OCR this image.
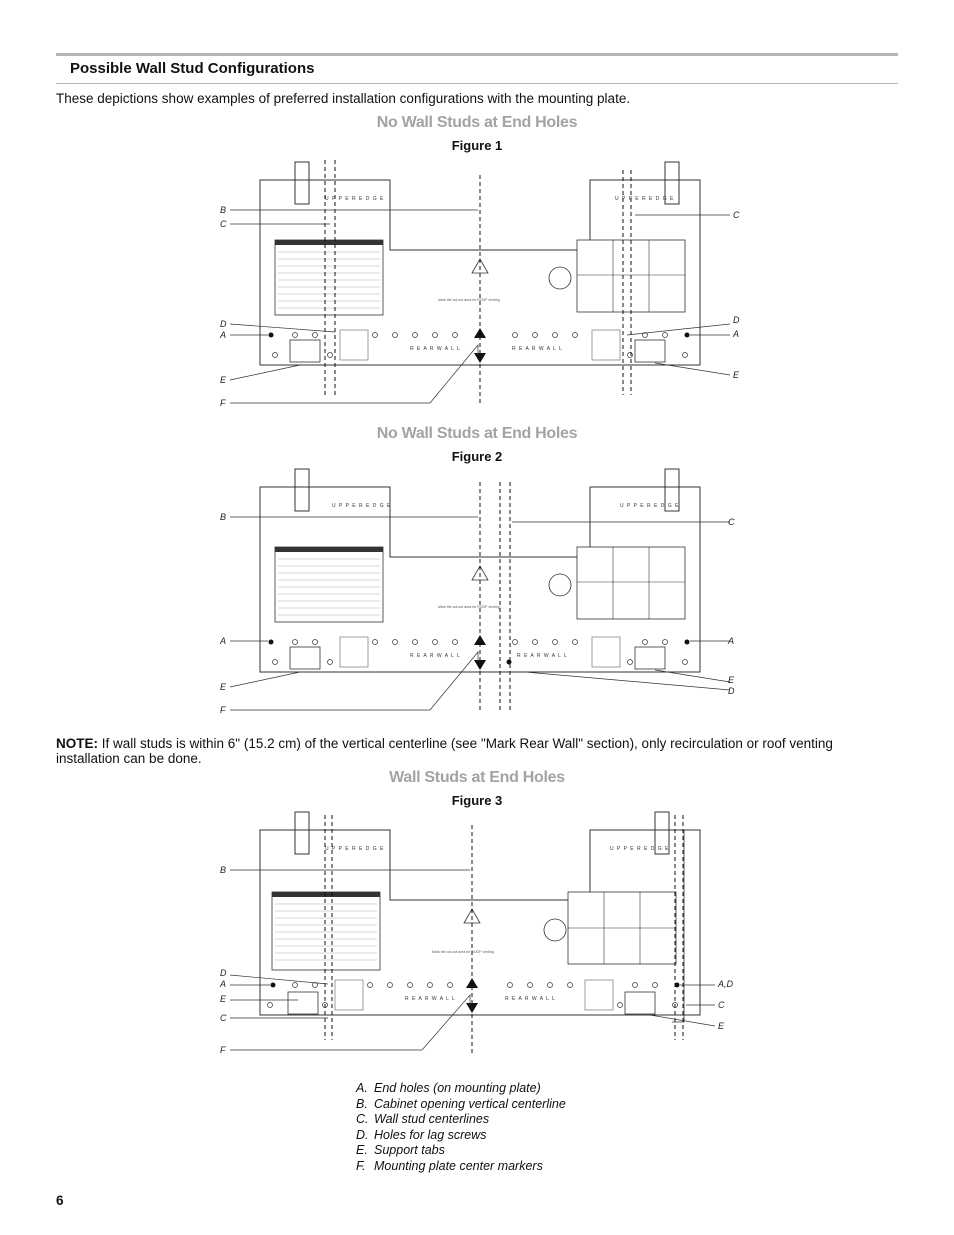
Possible Wall Stud Configurations
These depictions show examples of preferred installation configurations with the mounting plate.
No Wall Studs at End Holes
Figure 1
Mark the cut-out area for ROOF venting
U P P E R E D G E	U P P E R E D G E
R E A R W A L L	R E A R W A L L
B
C
D
A
E
F
C
D
A
E
No Wall Studs at End Holes
Figure 2
Mark the cut-out area for ROOF venting
U P P E R E D G E	U P P E R E D G E
R E A R W A L L	R E A R W A L L
B
A
E
F
C
A
E
D
NOTE: If wall studs is within 6" (15.2 cm) of the vertical centerline (see "Mark Rear Wall" section), only recirculation or roof venting installation can be done.
Wall Studs at End Holes
Figure 3
Mark the cut-out area for ROOF venting
U P P E R E D G E	U P P E R E D G E
R E A R W A L L	R E A R W A L L
B
D
A
E
C
F
A,D
C
E
A. End holes (on mounting plate)
B. Cabinet opening vertical centerline
C. Wall stud centerlines
D. Holes for lag screws
E. Support tabs
F. Mounting plate center markers
6
